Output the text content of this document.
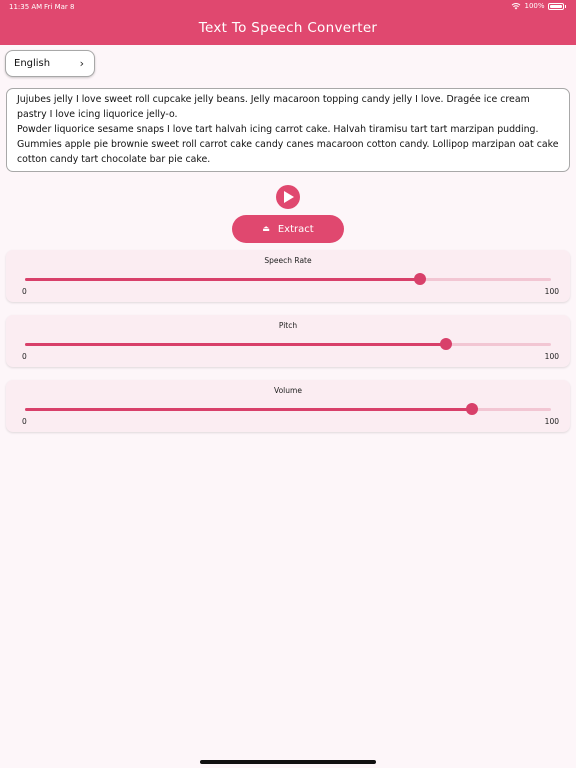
11:35 AM Fri Mar 8	100%
Text To Speech Converter
English	›
Jujubes jelly I love sweet roll cupcake jelly beans. Jelly macaroon topping candy jelly I love. Dragée ice cream pastry I love icing liquorice jelly-o.
Powder liquorice sesame snaps I love tart halvah icing carrot cake. Halvah tiramisu tart tart marzipan pudding. Gummies apple pie brownie sweet roll carrot cake candy canes macaroon cotton candy. Lollipop marzipan oat cake cotton candy tart chocolate bar pie cake.
⏏ Extract
Speech Rate
0	100
Pitch
0	100
Volume
0	100
